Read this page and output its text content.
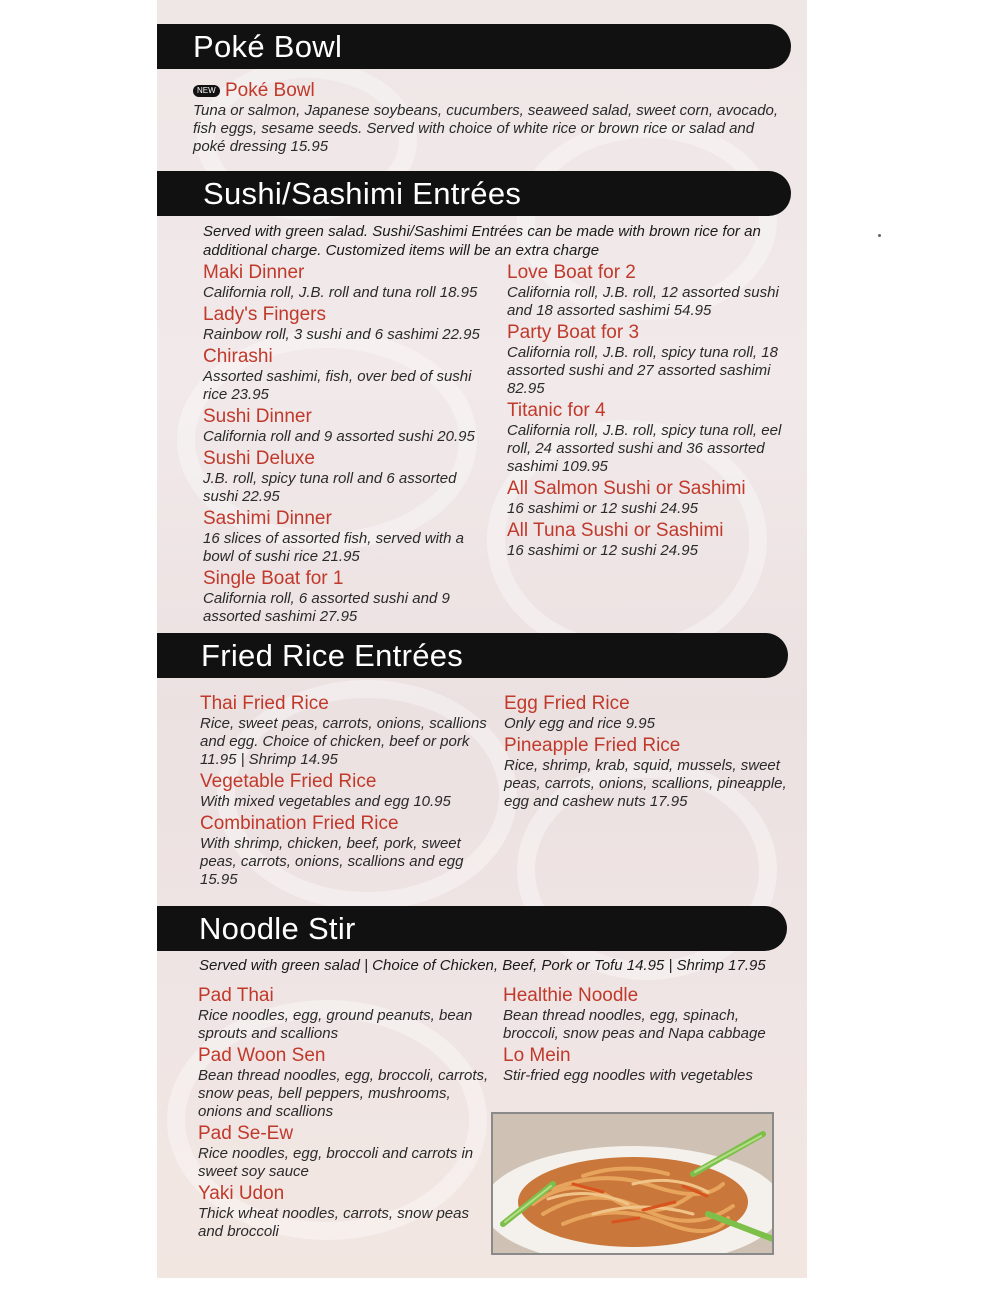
Poké Bowl
NEW Poké Bowl
Tuna or salmon, Japanese soybeans, cucumbers, seaweed salad, sweet corn, avocado, fish eggs, sesame seeds. Served with choice of white rice or brown rice or salad and poké dressing 15.95
Sushi/Sashimi Entrées
Served with green salad. Sushi/Sashimi Entrées can be made with brown rice for an additional charge. Customized items will be an extra charge
Maki Dinner
California roll, J.B. roll and tuna roll 18.95
Lady's Fingers
Rainbow roll, 3 sushi and 6 sashimi 22.95
Chirashi
Assorted sashimi, fish, over bed of sushi rice 23.95
Sushi Dinner
California roll and 9 assorted sushi 20.95
Sushi Deluxe
J.B. roll, spicy tuna roll and 6 assorted sushi 22.95
Sashimi Dinner
16 slices of assorted fish, served with a bowl of sushi rice 21.95
Single Boat for 1
California roll, 6 assorted sushi and 9 assorted sashimi 27.95
Love Boat for 2
California roll, J.B. roll, 12 assorted sushi and 18 assorted sashimi 54.95
Party Boat for 3
California roll, J.B. roll, spicy tuna roll, 18 assorted sushi and 27 assorted sashimi 82.95
Titanic for 4
California roll, J.B. roll, spicy tuna roll, eel roll, 24 assorted sushi and 36 assorted sashimi 109.95
All Salmon Sushi or Sashimi
16 sashimi or 12 sushi 24.95
All Tuna Sushi or Sashimi
16 sashimi or 12 sushi 24.95
Fried Rice Entrées
Thai Fried Rice
Rice, sweet peas, carrots, onions, scallions and egg. Choice of chicken, beef or pork 11.95 | Shrimp 14.95
Vegetable Fried Rice
With mixed vegetables and egg 10.95
Combination Fried Rice
With shrimp, chicken, beef, pork, sweet peas, carrots, onions, scallions and egg 15.95
Egg Fried Rice
Only egg and rice 9.95
Pineapple Fried Rice
Rice, shrimp, krab, squid, mussels, sweet peas, carrots, onions, scallions, pineapple, egg and cashew nuts 17.95
Noodle Stir
Served with green salad | Choice of Chicken, Beef, Pork or Tofu 14.95 | Shrimp 17.95
Pad Thai
Rice noodles, egg, ground peanuts, bean sprouts and scallions
Pad Woon Sen
Bean thread noodles, egg, broccoli, carrots, snow peas, bell peppers, mushrooms, onions and scallions
Pad Se-Ew
Rice noodles, egg, broccoli and carrots in sweet soy sauce
Yaki Udon
Thick wheat noodles, carrots, snow peas and broccoli
Healthie Noodle
Bean thread noodles, egg, spinach, broccoli, snow peas and Napa cabbage
Lo Mein
Stir-fried egg noodles with vegetables
